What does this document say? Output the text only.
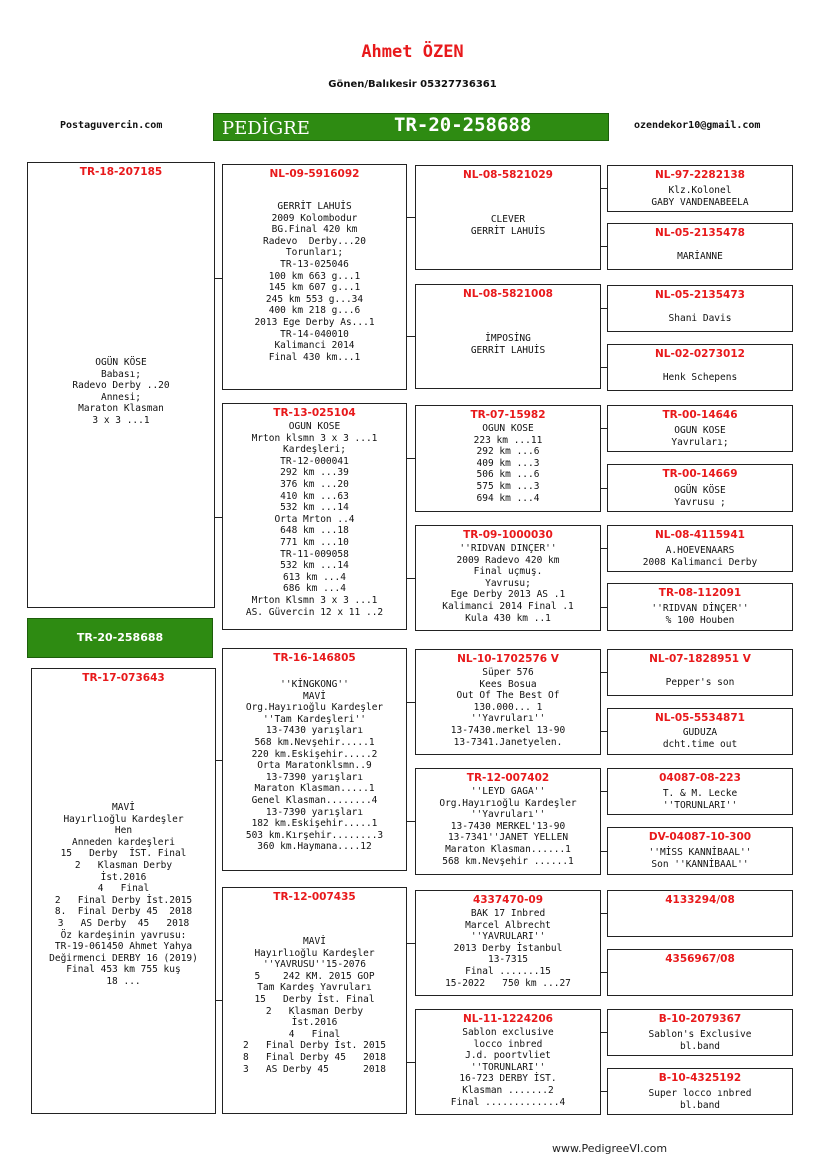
Ahmet ÖZEN
Gönen/Balıkesir 05327736361
Postaguvercin.com	ozendekor10@gmail.com
PEDİGRE	TR-20-258688
TR-18-207185
OGÜN KÖSE
Babası;
Radevo Derby ..20
Annesi;
Maraton Klasman
3 x 3 ...1
TR-20-258688
TR-17-073643
MAVİ
Hayırlıoğlu Kardeşler
Hen
Anneden kardeşleri
15   Derby  İST. Final
2   Klasman Derby
İst.2016
4   Final
2   Final Derby İst.2015
8.  Final Derby 45  2018
3   AS Derby  45   2018
Öz kardeşinin yavrusu:
TR-19-061450 Ahmet Yahya
Değirmenci DERBY 16 (2019)
Final 453 km 755 kuş
18 ...
NL-09-5916092
GERRİT LAHUİS
2009 Kolombodur
BG.Final 420 km
Radevo  Derby...20
Torunları;
TR-13-025046
100 km 663 g...1
145 km 607 g...1
245 km 553 g...34
400 km 218 g...6
2013 Ege Derby As...1
TR-14-040010
Kalimanci 2014
Final 430 km...1
TR-13-025104
OGUN KOSE
Mrton klsmn 3 x 3 ...1
Kardeşleri;
TR-12-000041
292 km ...39
376 km ...20
410 km ...63
532 km ...14
Orta Mrton ..4
648 km ...18
771 km ...10
TR-11-009058
532 km ...14
613 km ...4
686 km ...4
Mrton Klsmn 3 x 3 ...1
AS. Güvercin 12 x 11 ..2
TR-16-146805
''KİNGKONG''
MAVİ
Org.Hayırıoğlu Kardeşler
''Tam Kardeşleri''
13-7430 yarışları
568 km.Nevşehir.....1
220 km.Eskişehir.....2
Orta Maratonklsmn..9
13-7390 yarışları
Maraton Klasman.....1
Genel Klasman........4
13-7390 yarışları
182 km.Eskişehir.....1
503 km.Kırşehir........3
360 km.Haymana....12
TR-12-007435
MAVİ
Hayırlıoğlu Kardeşler
''YAVRUSU''15-2076
5    242 KM. 2015 GOP
Tam Kardeş Yavruları
15   Derby İst. Final
2   Klasman Derby
İst.2016
4   Final
2   Final Derby İst. 2015
8   Final Derby 45   2018
3   AS Derby 45      2018
NL-08-5821029
CLEVER
GERRİT LAHUİS
NL-08-5821008
İMPOSİNG
GERRİT LAHUİS
TR-07-15982
OGUN KOSE
223 km ...11
292 km ...6
409 km ...3
506 km ...6
575 km ...3
694 km ...4
TR-09-1000030
''RIDVAN DINÇER''
2009 Radevo 420 km
Final uçmuş.
Yavrusu;
Ege Derby 2013 AS .1
Kalimanci 2014 Final .1
Kula 430 km ..1
NL-10-1702576 V
Süper 576
Kees Bosua
Out Of The Best Of
130.000... 1
''Yavruları''
13-7430.merkel 13-90
13-7341.Janetyelen.
TR-12-007402
''LEYD GAGA''
Org.Hayırıoğlu Kardeşler
''Yavruları''
13-7430 MERKEL'13-90
13-7341''JANET YELLEN
Maraton Klasman......1
568 km.Nevşehir ......1
4337470-09
BAK 17 Inbred
Marcel Albrecht
''YAVRULARI''
2013 Derby İstanbul
13-7315
Final .......15
15-2022   750 km ...27
NL-11-1224206
Sablon exclusive
locco inbred
J.d. poortvliet
''TORUNLARI''
16-723 DERBY İST.
Klasman .......2
Final .............4
NL-97-2282138
Klz.Kolonel
GABY VANDENABEELA
NL-05-2135478
MARİANNE
NL-05-2135473
Shani Davis
NL-02-0273012
Henk Schepens
TR-00-14646
OGUN KOSE
Yavruları;
TR-00-14669
OGÜN KÖSE
Yavrusu ;
NL-08-4115941
A.HOEVENAARS
2008 Kalimanci Derby
TR-08-112091
''RIDVAN DİNÇER''
% 100 Houben
NL-07-1828951 V
Pepper's son
NL-05-5534871
GUDUZA
dcht.time out
04087-08-223
T. & M. Lecke
''TORUNLARI''
DV-04087-10-300
''MİSS KANNİBAAL''
Son ''KANNİBAAL''
4133294/08
4356967/08
B-10-2079367
Sablon's Exclusive
bl.band
B-10-4325192
Super locco ınbred
bl.band
www.PedigreeVI.com
